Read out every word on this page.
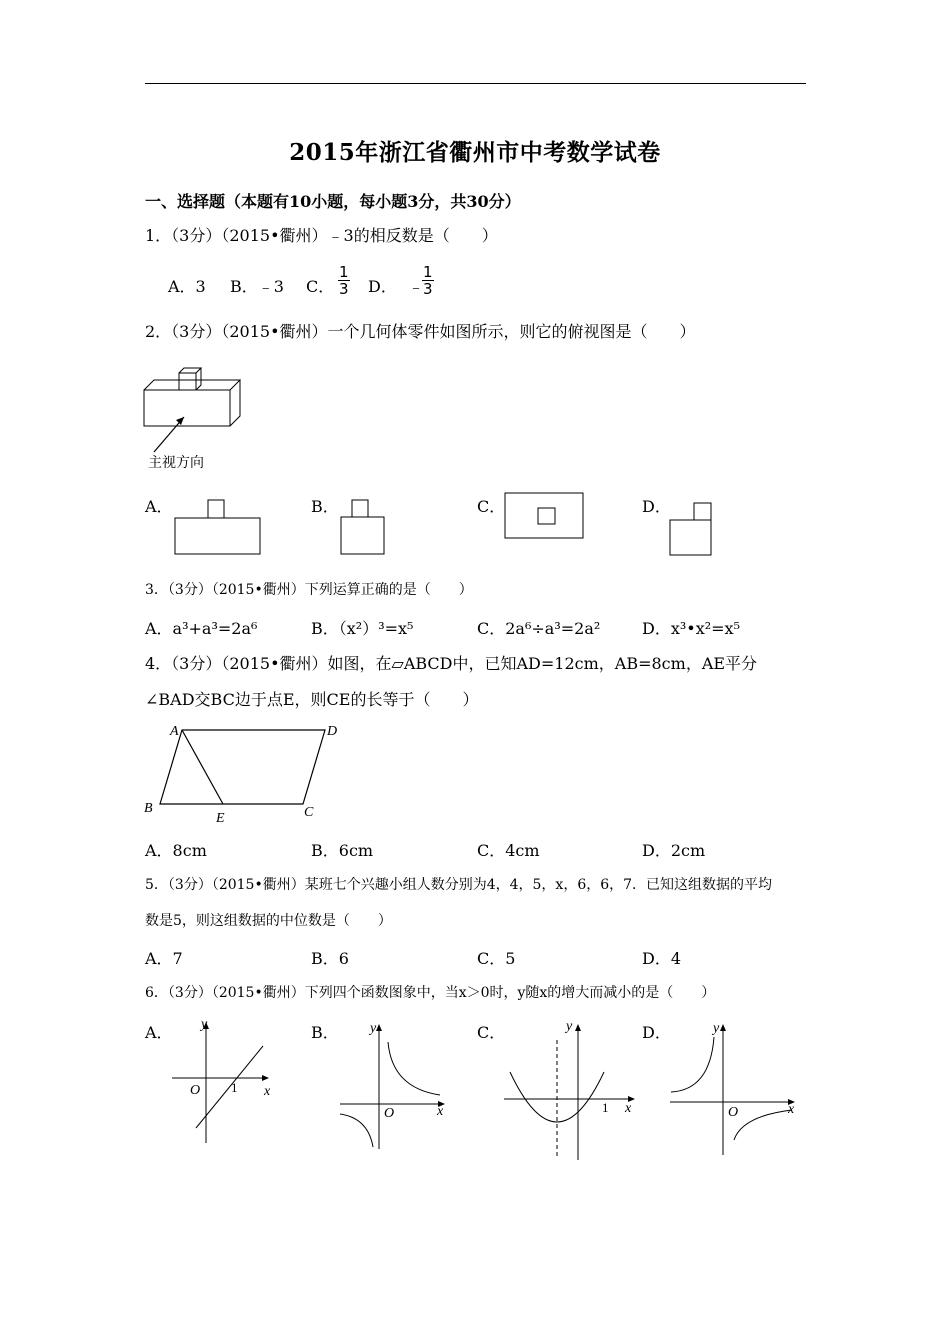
2015年浙江省衢州市中考数学试卷
一、选择题（本题有10小题，每小题3分，共30分）
1．（3分）（2015•衢州）﹣3的相反数是（　　）
A．3 B．﹣3 C． $\frac{1}{3}$ D． ﹣
$\frac{1}{3}$
2．（3分）（2015•衢州）一个几何体零件如图所示，则它的俯视图是（　　）
主视方向
A．	B．	C．	D．
3．（3分）（2015•衢州）下列运算正确的是（　　）
A．a³+a³=2a⁶	B．（x²）³=x⁵	C．2a⁶÷a³=2a²	D．x³•x²=x⁵
4．（3分）（2015•衢州）如图，在▱ABCD中，已知AD=12cm，AB=8cm，AE平分
∠BAD交BC边于点E，则CE的长等于（　　）
A	D
B	C
E
A．8cm	B．6cm	C．4cm	D．2cm
5．（3分）（2015•衢州）某班七个兴趣小组人数分别为4，4，5，x，6，6，7．已知这组数据的平均
数是5，则这组数据的中位数是（　　）
A．7	B．6	C．5	D．4
6．（3分）（2015•衢州）下列四个函数图象中，当x＞0时，y随x的增大而减小的是（　　）
A． y
x
O 1
B． y
x
O
C．	y
x
1
D．	y
x
O
